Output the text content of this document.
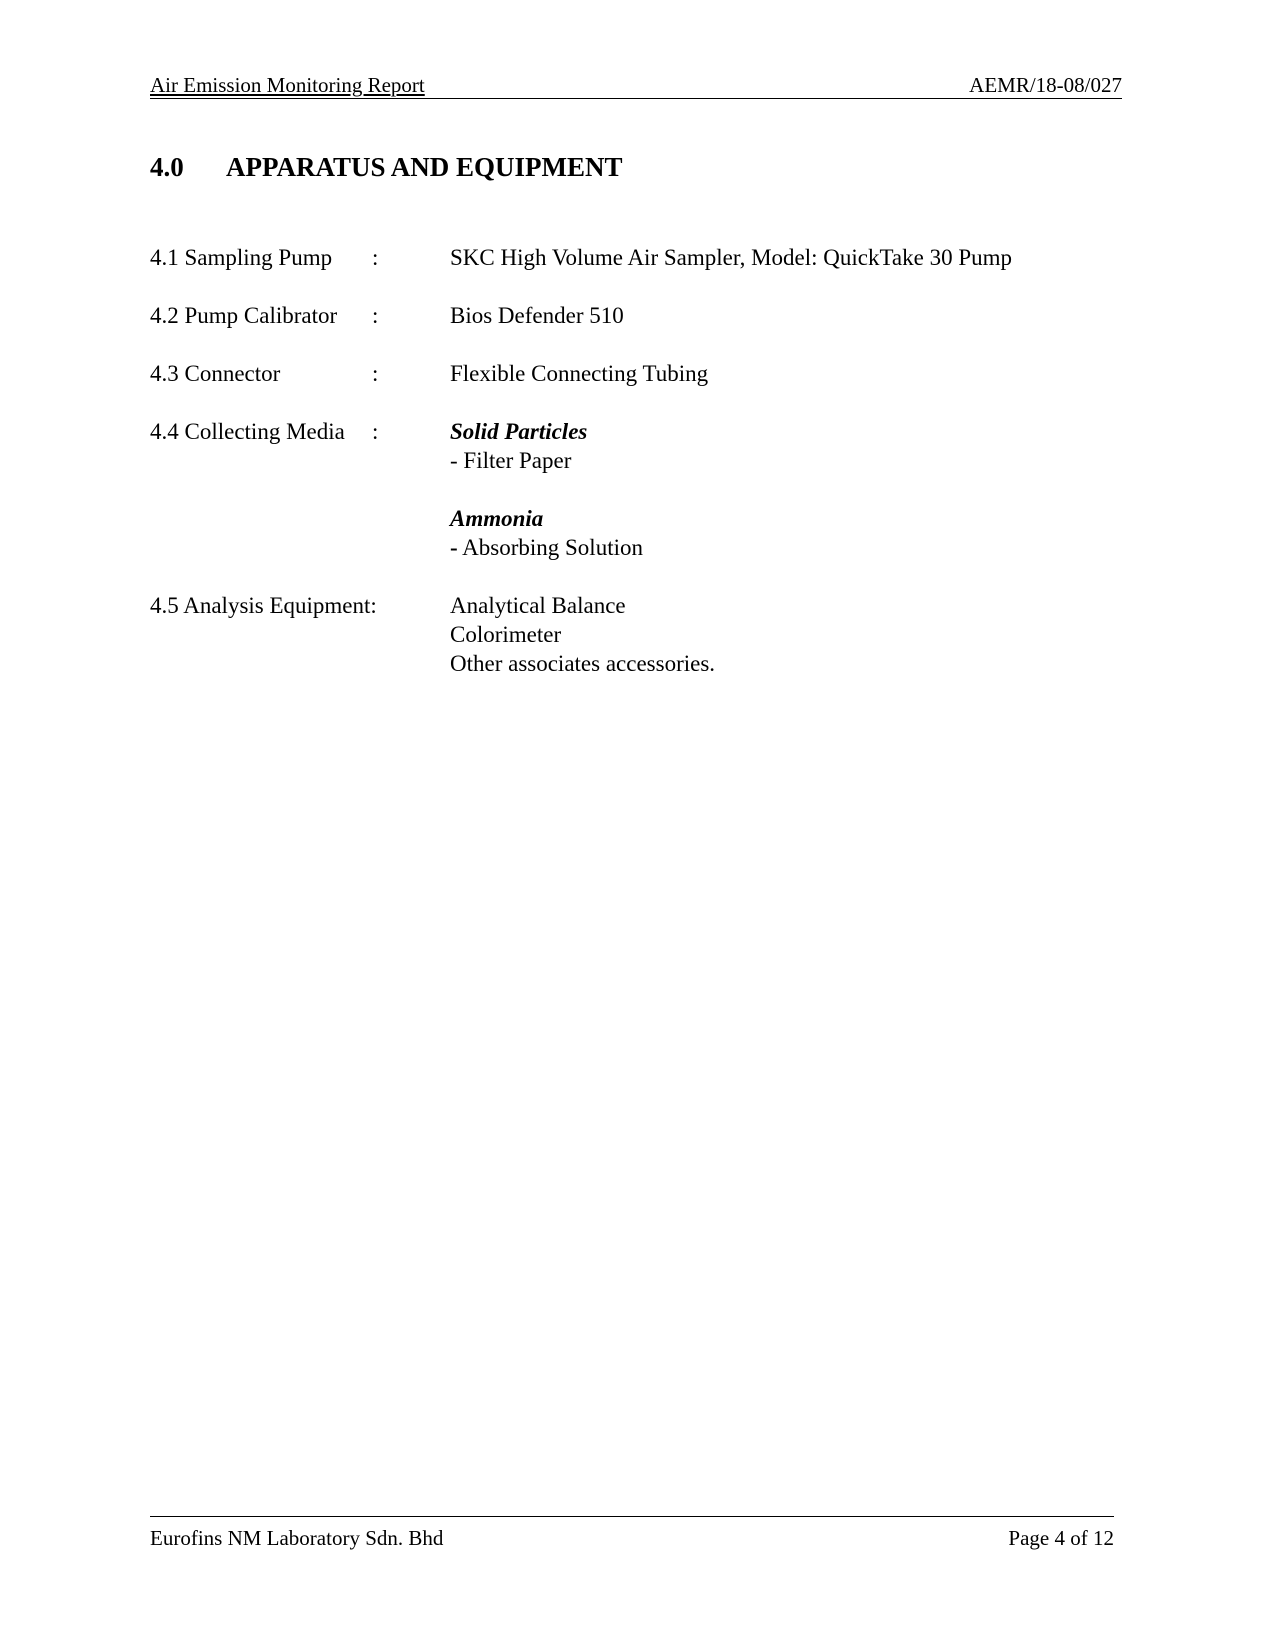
Air Emission Monitoring Report	AEMR/18-08/027
4.0 APPARATUS AND EQUIPMENT
4.1 Sampling Pump :	SKC High Volume Air Sampler, Model: QuickTake 30 Pump
4.2 Pump Calibrator :	Bios Defender 510
4.3 Connector	:	Flexible Connecting Tubing
4.4 Collecting Media :	Solid Particles
- Filter Paper
Ammonia
- Absorbing Solution
4.5 Analysis Equipment:	Analytical Balance
Colorimeter
Other associates accessories.
Eurofins NM Laboratory Sdn. Bhd	Page 4 of 12
